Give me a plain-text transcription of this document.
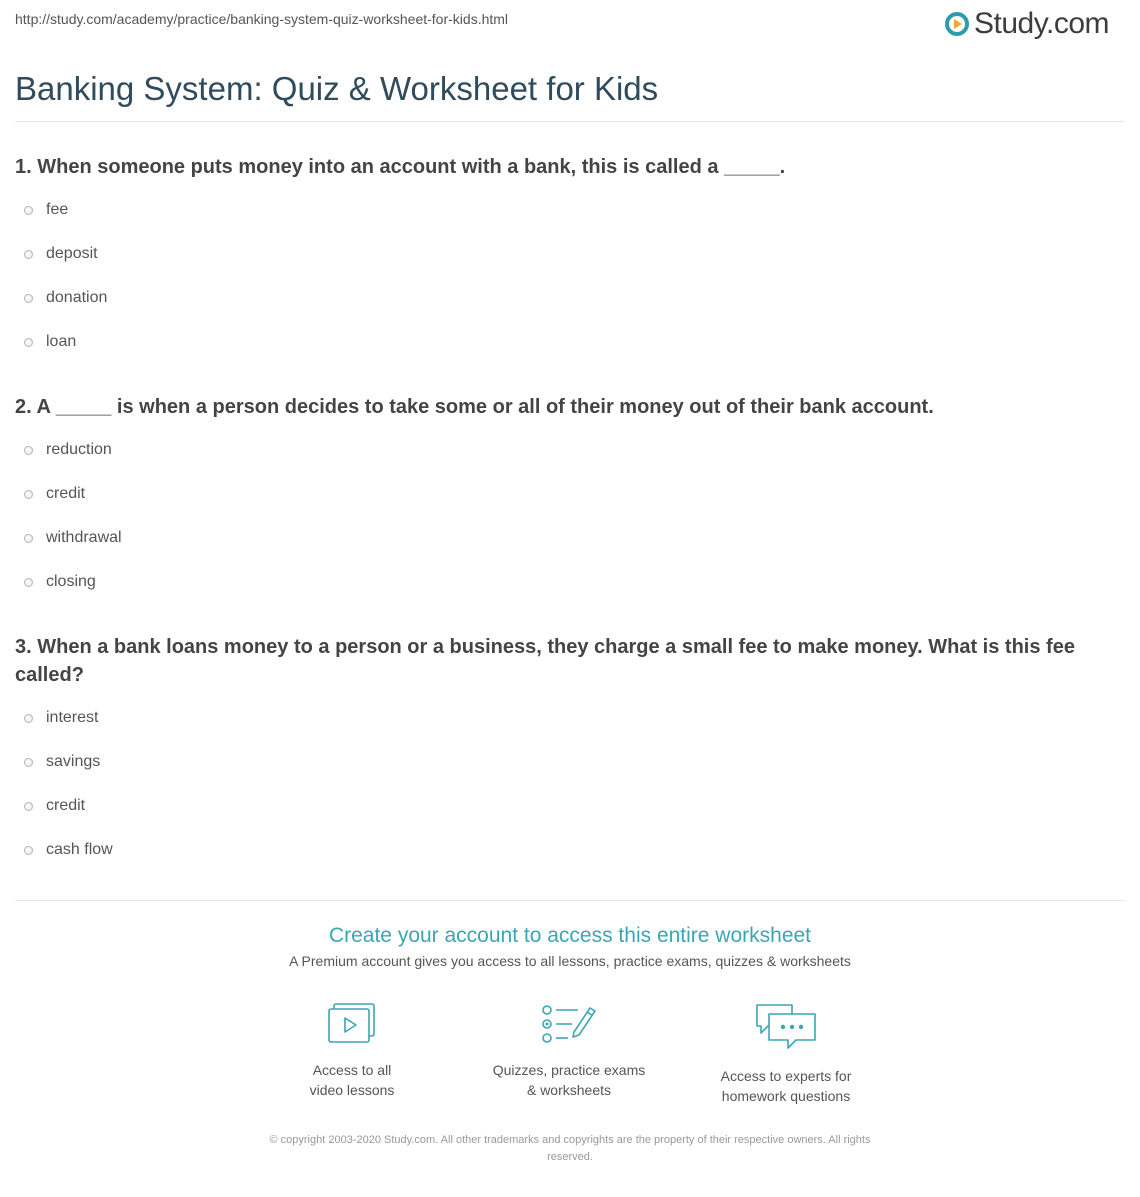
http://study.com/academy/practice/banking-system-quiz-worksheet-for-kids.html	Study.com
Banking System: Quiz & Worksheet for Kids

1. When someone puts money into an account with a bank, this is called a _____.

fee
deposit
donation
loan

2. A _____ is when a person decides to take some or all of their money out of their bank account.

reduction
credit
withdrawal
closing

3. When a bank loans money to a person or a business, they charge a small fee to make money. What is this fee called?

interest
savings
credit
cash flow
Create your account to access this entire worksheet
A Premium account gives you access to all lessons, practice exams, quizzes & worksheets
Access to all
video lessons
Quizzes, practice exams
& worksheets
Access to experts for
homework questions
© copyright 2003-2020 Study.com. All other trademarks and copyrights are the property of their respective owners. All rights
reserved.
